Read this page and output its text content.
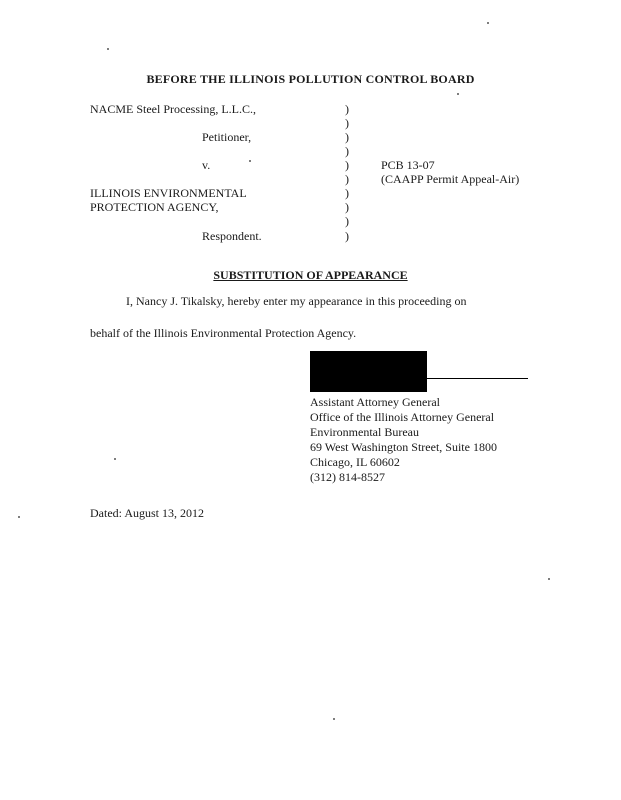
BEFORE THE ILLINOIS POLLUTION CONTROL BOARD
NACME Steel Processing, L.L.C.,
Petitioner,
v.
ILLINOIS ENVIRONMENTAL
PROTECTION AGENCY,
Respondent.
)
)
)
)
)
)
)
)
)
)
PCB 13-07
(CAAPP Permit Appeal-Air)
SUBSTITUTION OF APPEARANCE
I, Nancy J. Tikalsky, hereby enter my appearance in this proceeding on
behalf of the Illinois Environmental Protection Agency.
Assistant Attorney General
Office of the Illinois Attorney General
Environmental Bureau
69 West Washington Street, Suite 1800
Chicago, IL 60602
(312) 814-8527
Dated: August 13, 2012
